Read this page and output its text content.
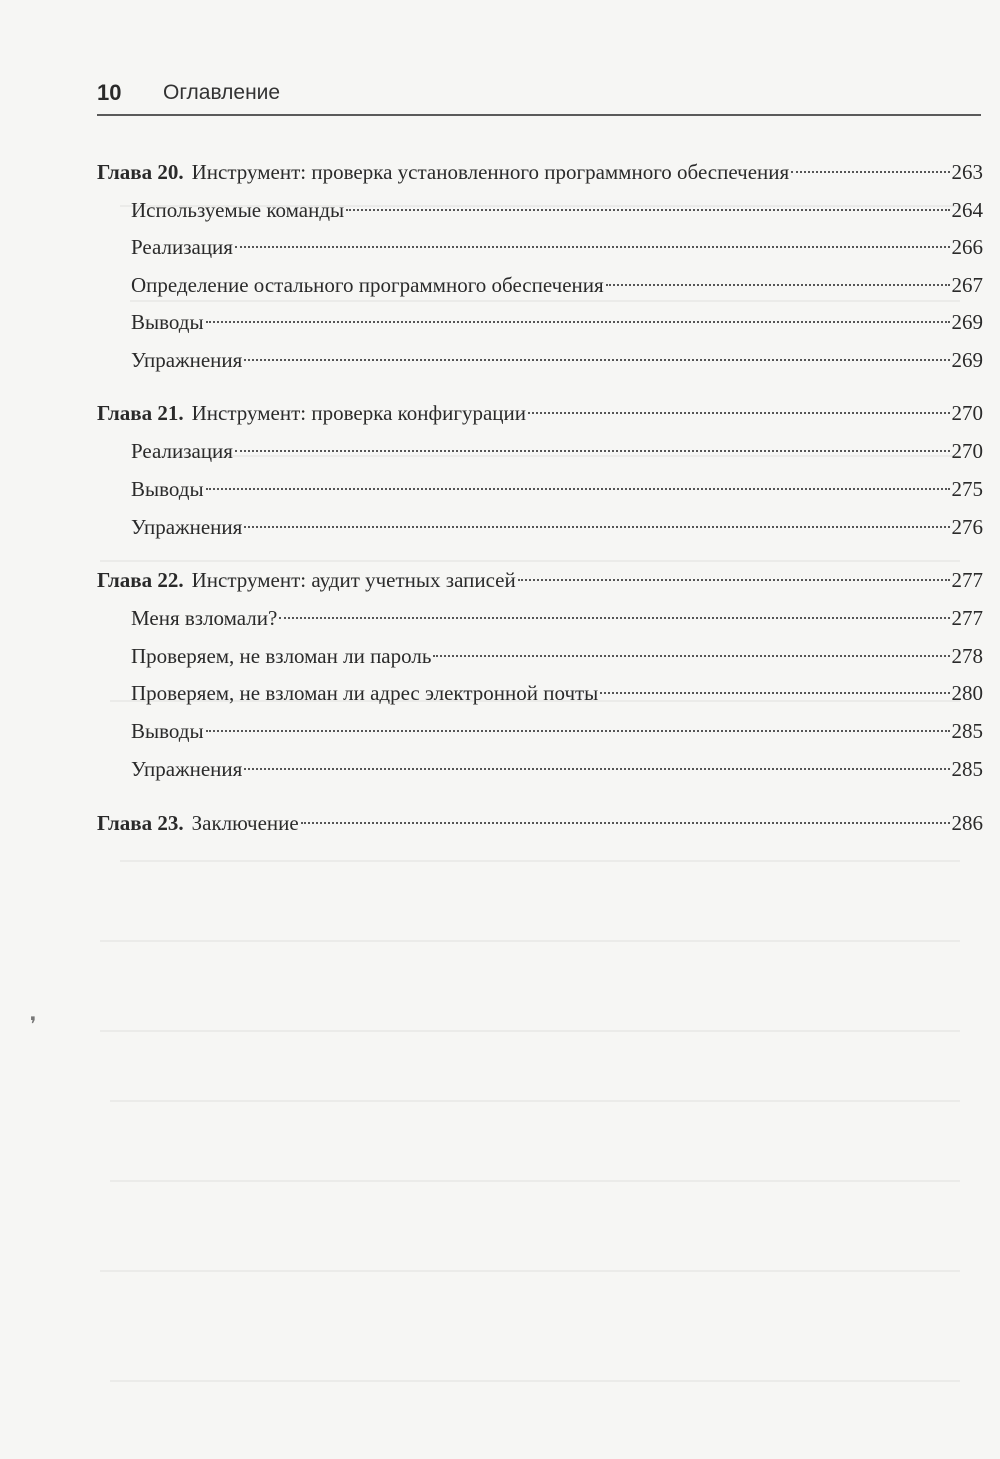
10 Оглавление
Глава 20. Инструмент: проверка установленного программного обеспечения	263
Используемые команды	264
Реализация	266
Определение остального программного обеспечения	267
Выводы	269
Упражнения	269
Глава 21. Инструмент: проверка конфигурации	270
Реализация	270
Выводы	275
Упражнения	276
Глава 22. Инструмент: аудит учетных записей	277
Меня взломали?	277
Проверяем, не взломан ли пароль	278
Проверяем, не взломан ли адрес электронной почты	280
Выводы	285
Упражнения	285
Глава 23. Заключение	286
❜
